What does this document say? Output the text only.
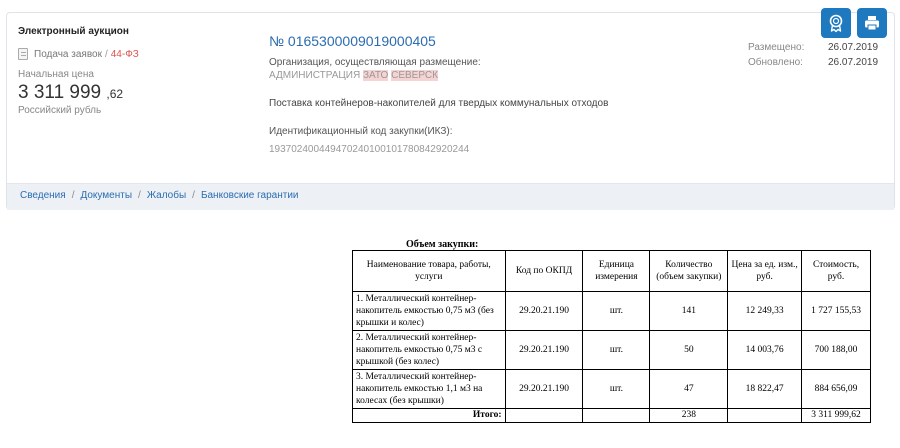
Электронный аукцион
Подача заявок / 44-ФЗ
Начальная цена
3 311 999 ,62
Российский рубль
№ 0165300009019000405
Организация, осуществляющая размещение:
АДМИНИСТРАЦИЯ ЗАТО СЕВЕРСК
Поставка контейнеров-накопителей для твердых коммунальных отходов
Идентификационный код закупки(ИКЗ):
193702400449470240100101780842920244
Размещено:	26.07.2019
Обновлено:	26.07.2019
Сведения / Документы / Жалобы / Банковские гарантии
Объем закупки:
Наименование товара, работы, услуги	Код по ОКПД	Единица измерения	Количество (объем закупки)	Цена за ед. изм., руб.	Стоимость, руб.
1. Металлический контейнер-накопитель емкостью 0,75 м3 (без крышки и колес)	29.20.21.190	шт.	141	12 249,33	1 727 155,53
2. Металлический контейнер-накопитель емкостью 0,75 м3 с крышкой (без колес)	29.20.21.190	шт.	50	14 003,76	700 188,00
3. Металлический контейнер-накопитель емкостью 1,1 м3 на колесах (без крышки)	29.20.21.190	шт.	47	18 822,47	884 656,09
Итого:			238		3 311 999,62
